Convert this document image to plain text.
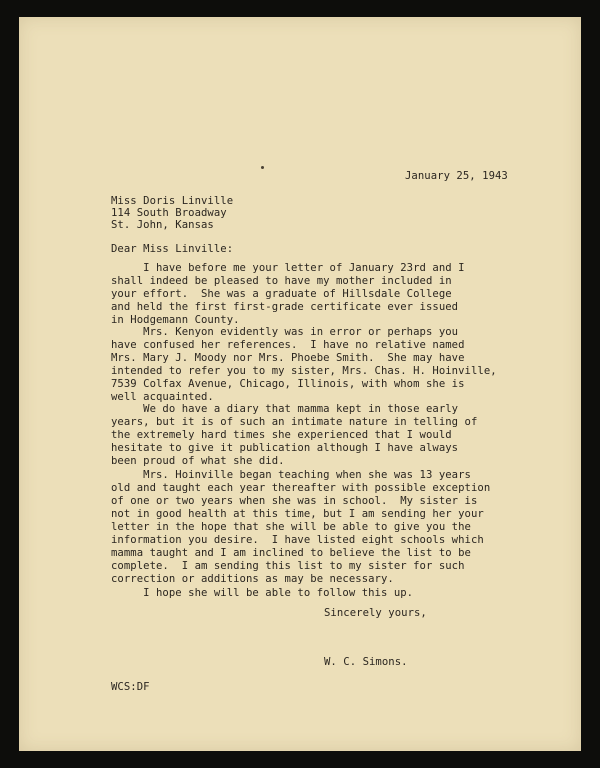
January 25, 1943
Miss Doris Linville
114 South Broadway
St. John, Kansas
Dear Miss Linville:
I have before me your letter of January 23rd and I
shall indeed be pleased to have my mother included in
your effort.  She was a graduate of Hillsdale College
and held the first first-grade certificate ever issued
in Hodgemann County.
Mrs. Kenyon evidently was in error or perhaps you
have confused her references.  I have no relative named
Mrs. Mary J. Moody nor Mrs. Phoebe Smith.  She may have
intended to refer you to my sister, Mrs. Chas. H. Hoinville,
7539 Colfax Avenue, Chicago, Illinois, with whom she is
well acquainted.
We do have a diary that mamma kept in those early
years, but it is of such an intimate nature in telling of
the extremely hard times she experienced that I would
hesitate to give it publication although I have always
been proud of what she did.
Mrs. Hoinville began teaching when she was 13 years
old and taught each year thereafter with possible exception
of one or two years when she was in school.  My sister is
not in good health at this time, but I am sending her your
letter in the hope that she will be able to give you the
information you desire.  I have listed eight schools which
mamma taught and I am inclined to believe the list to be
complete.  I am sending this list to my sister for such
correction or additions as may be necessary.
I hope she will be able to follow this up.
Sincerely yours,
W. C. Simons.
WCS:DF
